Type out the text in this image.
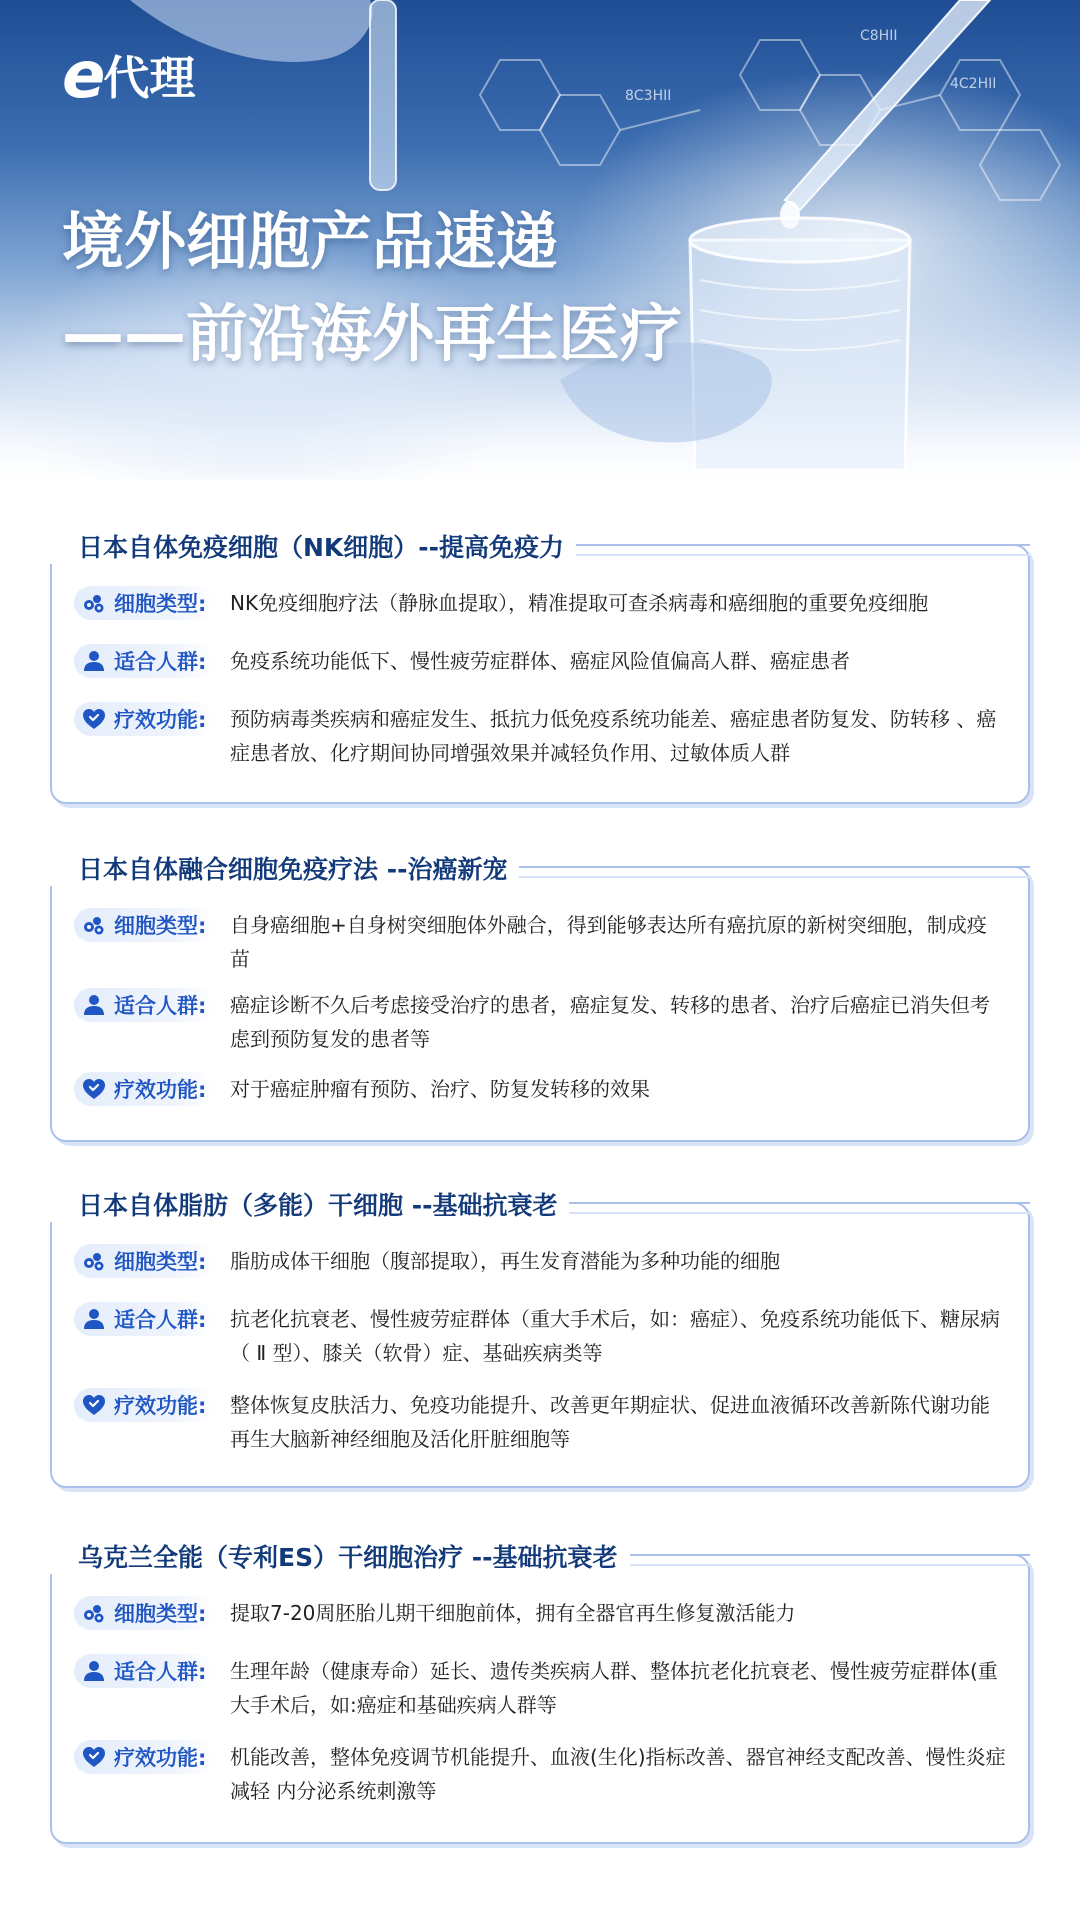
8C3HII
C8HII
4C2HII
e 代理
境外细胞产品速递
——前沿海外再生医疗
日本自体免疫细胞（NK细胞）--提高免疫力
细胞类型: NK免疫细胞疗法（静脉血提取），精准提取可查杀病毒和癌细胞的重要免疫细胞
适合人群: 免疫系统功能低下、慢性疲劳症群体、癌症风险值偏高人群、癌症患者
疗效功能: 预防病毒类疾病和癌症发生、抵抗力低免疫系统功能差、癌症患者防复发、防转移 、癌症患者放、化疗期间协同增强效果并减轻负作用、过敏体质人群
日本自体融合细胞免疫疗法 --治癌新宠
细胞类型: 自身癌细胞+自身树突细胞体外融合，得到能够表达所有癌抗原的新树突细胞，制成疫苗
适合人群: 癌症诊断不久后考虑接受治疗的患者，癌症复发、转移的患者、治疗后癌症已消失但考虑到预防复发的患者等
疗效功能: 对于癌症肿瘤有预防、治疗、防复发转移的效果
日本自体脂肪（多能）干细胞 --基础抗衰老
细胞类型: 脂肪成体干细胞（腹部提取），再生发育潜能为多种功能的细胞
适合人群: 抗老化抗衰老、慢性疲劳症群体（重大手术后，如：癌症）、免疫系统功能低下、糖尿病（ Ⅱ 型）、膝关（软骨）症、基础疾病类等
疗效功能: 整体恢复皮肤活力、免疫功能提升、改善更年期症状、促进血液循环改善新陈代谢功能再生大脑新神经细胞及活化肝脏细胞等
乌克兰全能（专利ES）干细胞治疗 --基础抗衰老
细胞类型: 提取7-20周胚胎儿期干细胞前体，拥有全器官再生修复激活能力
适合人群: 生理年龄（健康寿命）延长、遗传类疾病人群、整体抗老化抗衰老、慢性疲劳症群体(重大手术后，如:癌症和基础疾病人群等
疗效功能: 机能改善，整体免疫调节机能提升、血液(生化)指标改善、器官神经支配改善、慢性炎症减轻 内分泌系统刺激等
